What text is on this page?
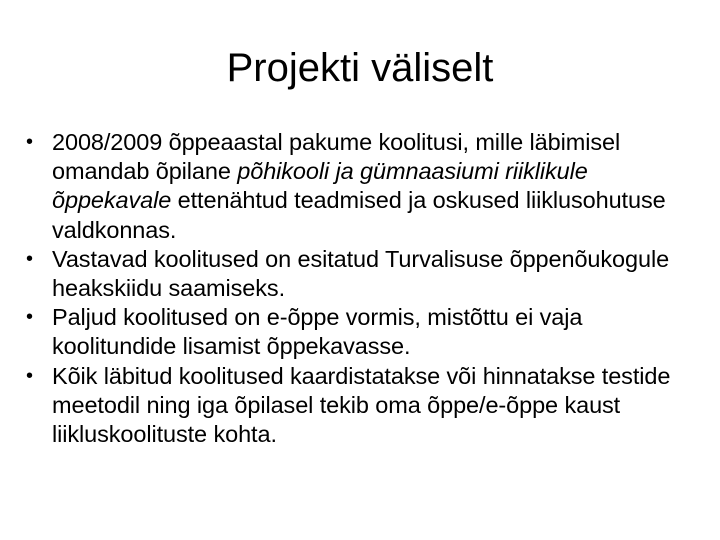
Projekti väliselt
• 2008/2009 õppeaastal pakume koolitusi, mille läbimisel omandab õpilane põhikooli ja gümnaasiumi riiklikule õppekavale ettenähtud teadmised ja oskused liiklusohutuse valdkonnas.
• Vastavad koolitused on esitatud Turvalisuse õppenõukogule heakskiidu saamiseks.
• Paljud koolitused on e-õppe vormis, mistõttu ei vaja koolitundide lisamist õppekavasse.
• Kõik läbitud koolitused kaardistatakse või hinnatakse testide meetodil ning iga õpilasel tekib oma õppe/e-õppe kaust liikluskoolituste kohta.
